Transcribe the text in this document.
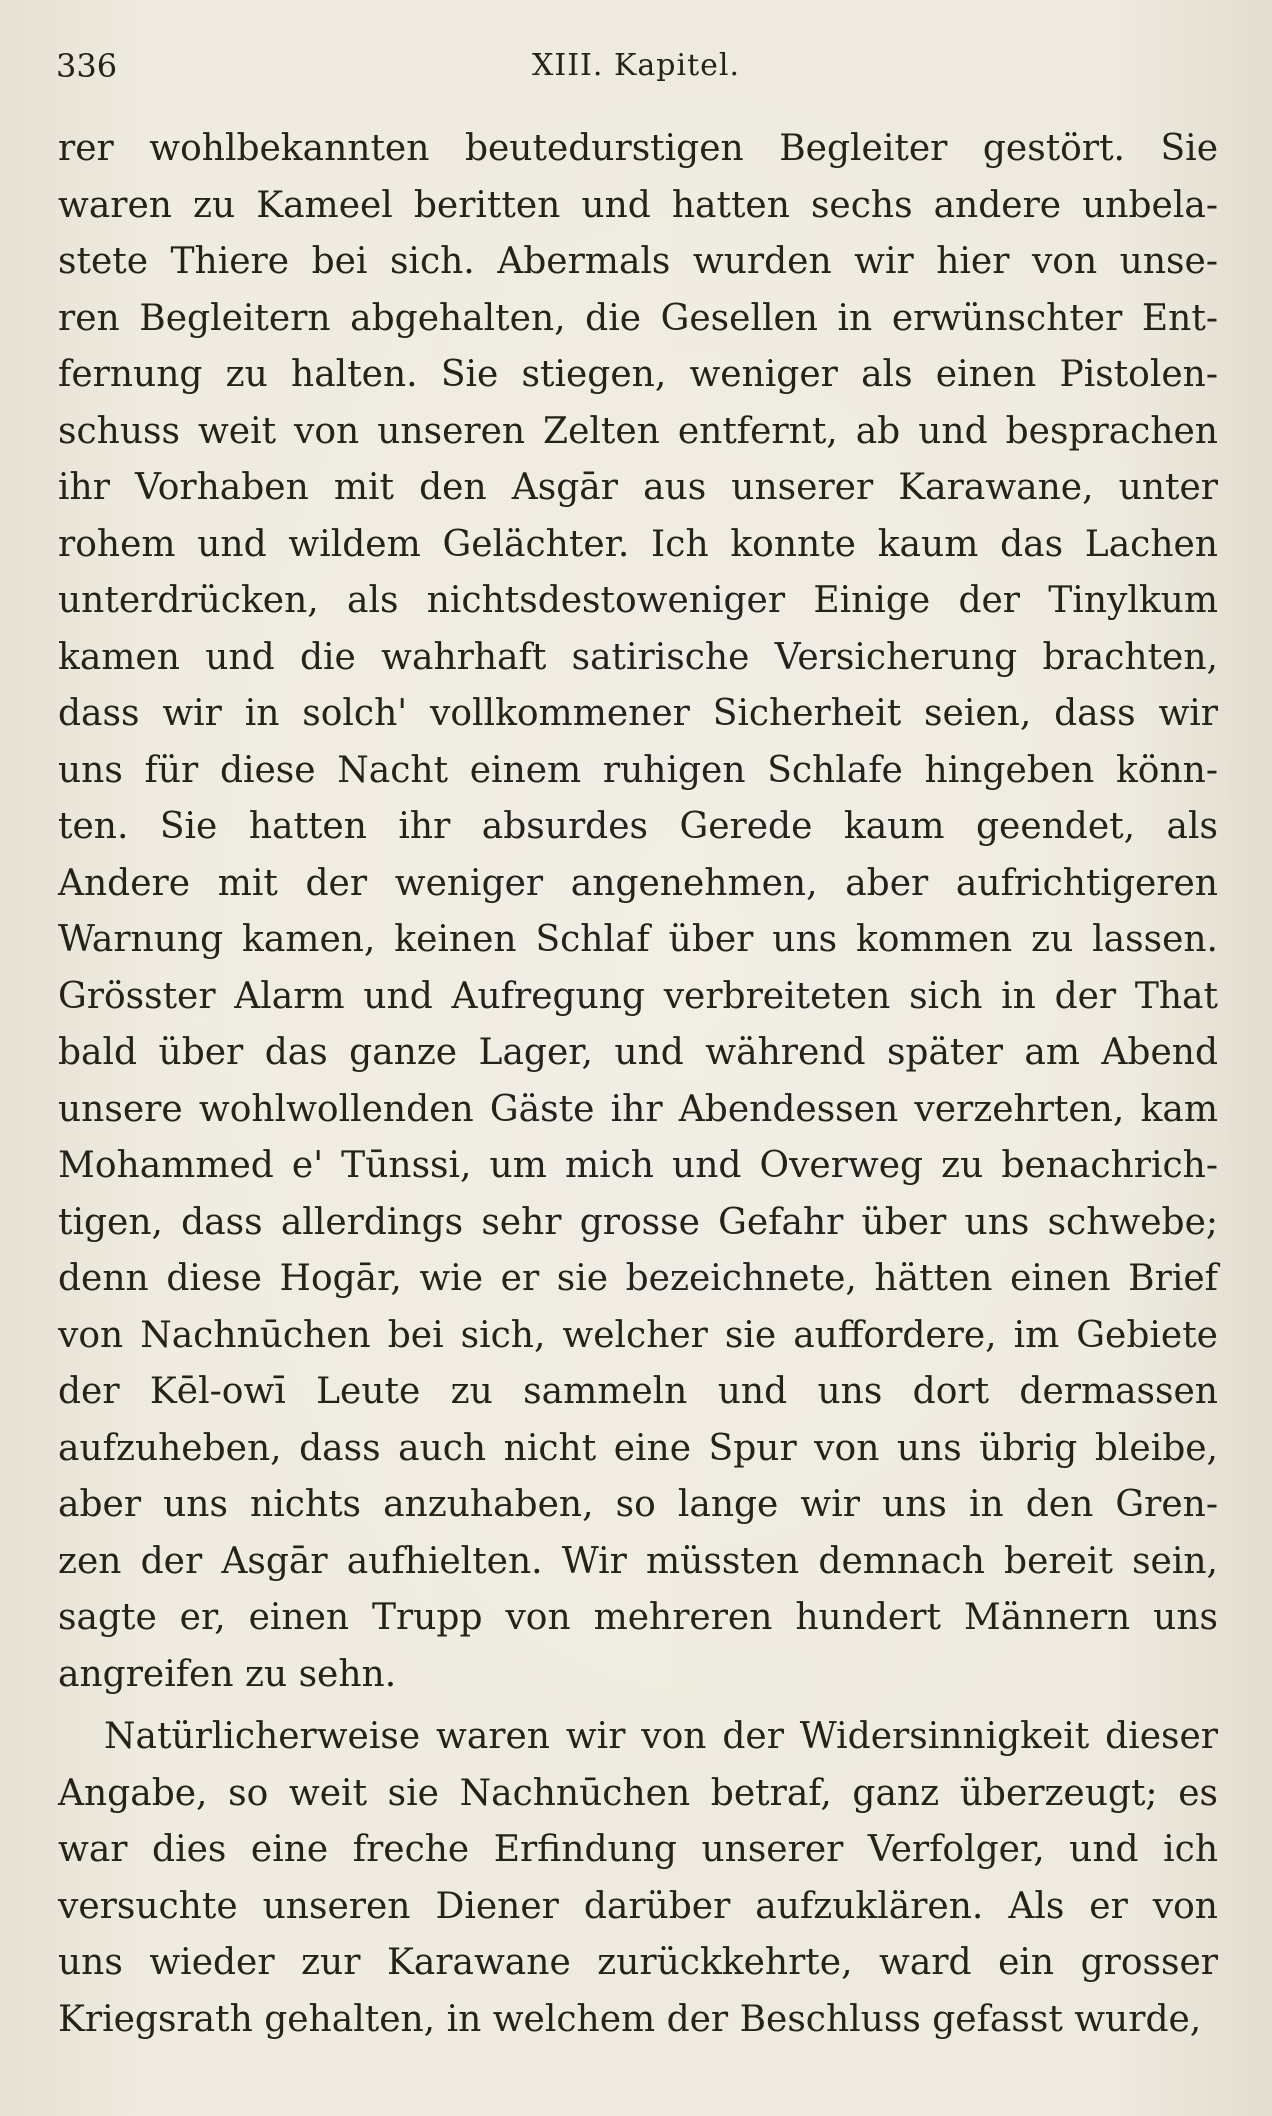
336	XIII. Kapitel.
rer wohlbekannten beutedurstigen Begleiter gestört. Sie
waren zu Kameel beritten und hatten sechs andere unbela-
stete Thiere bei sich. Abermals wurden wir hier von unse-
ren Begleitern abgehalten, die Gesellen in erwünschter Ent-
fernung zu halten. Sie stiegen, weniger als einen Pistolen-
schuss weit von unseren Zelten entfernt, ab und besprachen
ihr Vorhaben mit den Asgār aus unserer Karawane, unter
rohem und wildem Gelächter. Ich konnte kaum das Lachen
unterdrücken, als nichtsdestoweniger Einige der Tinylkum
kamen und die wahrhaft satirische Versicherung brachten,
dass wir in solch' vollkommener Sicherheit seien, dass wir
uns für diese Nacht einem ruhigen Schlafe hingeben könn-
ten. Sie hatten ihr absurdes Gerede kaum geendet, als
Andere mit der weniger angenehmen, aber aufrichtigeren
Warnung kamen, keinen Schlaf über uns kommen zu lassen.
Grösster Alarm und Aufregung verbreiteten sich in der That
bald über das ganze Lager, und während später am Abend
unsere wohlwollenden Gäste ihr Abendessen verzehrten, kam
Mohammed e' Tūnssi, um mich und Overweg zu benachrich-
tigen, dass allerdings sehr grosse Gefahr über uns schwebe;
denn diese Hogār, wie er sie bezeichnete, hätten einen Brief
von Nachnūchen bei sich, welcher sie auffordere, im Gebiete
der Kēl-owī Leute zu sammeln und uns dort dermassen
aufzuheben, dass auch nicht eine Spur von uns übrig bleibe,
aber uns nichts anzuhaben, so lange wir uns in den Gren-
zen der Asgār aufhielten. Wir müssten demnach bereit sein,
sagte er, einen Trupp von mehreren hundert Männern uns
angreifen zu sehn.
Natürlicherweise waren wir von der Widersinnigkeit dieser
Angabe, so weit sie Nachnūchen betraf, ganz überzeugt; es
war dies eine freche Erfindung unserer Verfolger, und ich
versuchte unseren Diener darüber aufzuklären. Als er von
uns wieder zur Karawane zurückkehrte, ward ein grosser
Kriegsrath gehalten, in welchem der Beschluss gefasst wurde,
